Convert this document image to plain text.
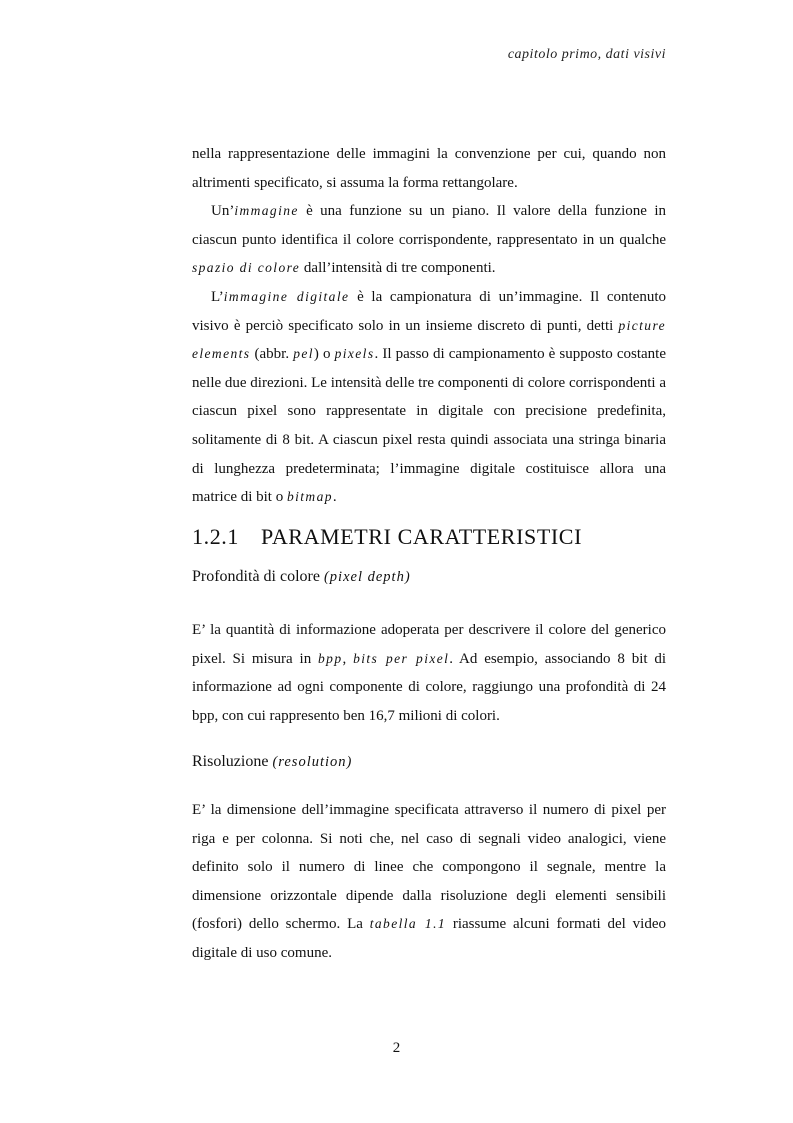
capitolo primo, dati visivi

nella rappresentazione delle immagini la convenzione per cui, quando non altrimenti specificato, si assuma la forma rettangolare.

Un’immagine è una funzione su un piano. Il valore della funzione in ciascun punto identifica il colore corrispondente, rappresentato in un qualche spazio di colore dall’intensità di tre componenti.

L’immagine digitale è la campionatura di un’immagine. Il contenuto visivo è perciò specificato solo in un insieme discreto di punti, detti picture elements (abbr. pel) o pixels. Il passo di campionamento è supposto costante nelle due direzioni. Le intensità delle tre componenti di colore corrispondenti a ciascun pixel sono rappresentate in digitale con precisione predefinita, solitamente di 8 bit. A ciascun pixel resta quindi associata una stringa binaria di lunghezza predeterminata; l’immagine digitale costituisce allora una matrice di bit o bitmap.

1.2.1 PARAMETRI CARATTERISTICI
Profondità di colore (pixel depth)

E’ la quantità di informazione adoperata per descrivere il colore del generico pixel. Si misura in bpp, bits per pixel. Ad esempio, associando 8 bit di informazione ad ogni componente di colore, raggiungo una profondità di 24 bpp, con cui rappresento ben 16,7 milioni di colori.

Risoluzione (resolution)

E’ la dimensione dell’immagine specificata attraverso il numero di pixel per riga e per colonna. Si noti che, nel caso di segnali video analogici, viene definito solo il numero di linee che compongono il segnale, mentre la dimensione orizzontale dipende dalla risoluzione degli elementi sensibili (fosfori) dello schermo. La tabella 1.1 riassume alcuni formati del video digitale di uso comune.

2
